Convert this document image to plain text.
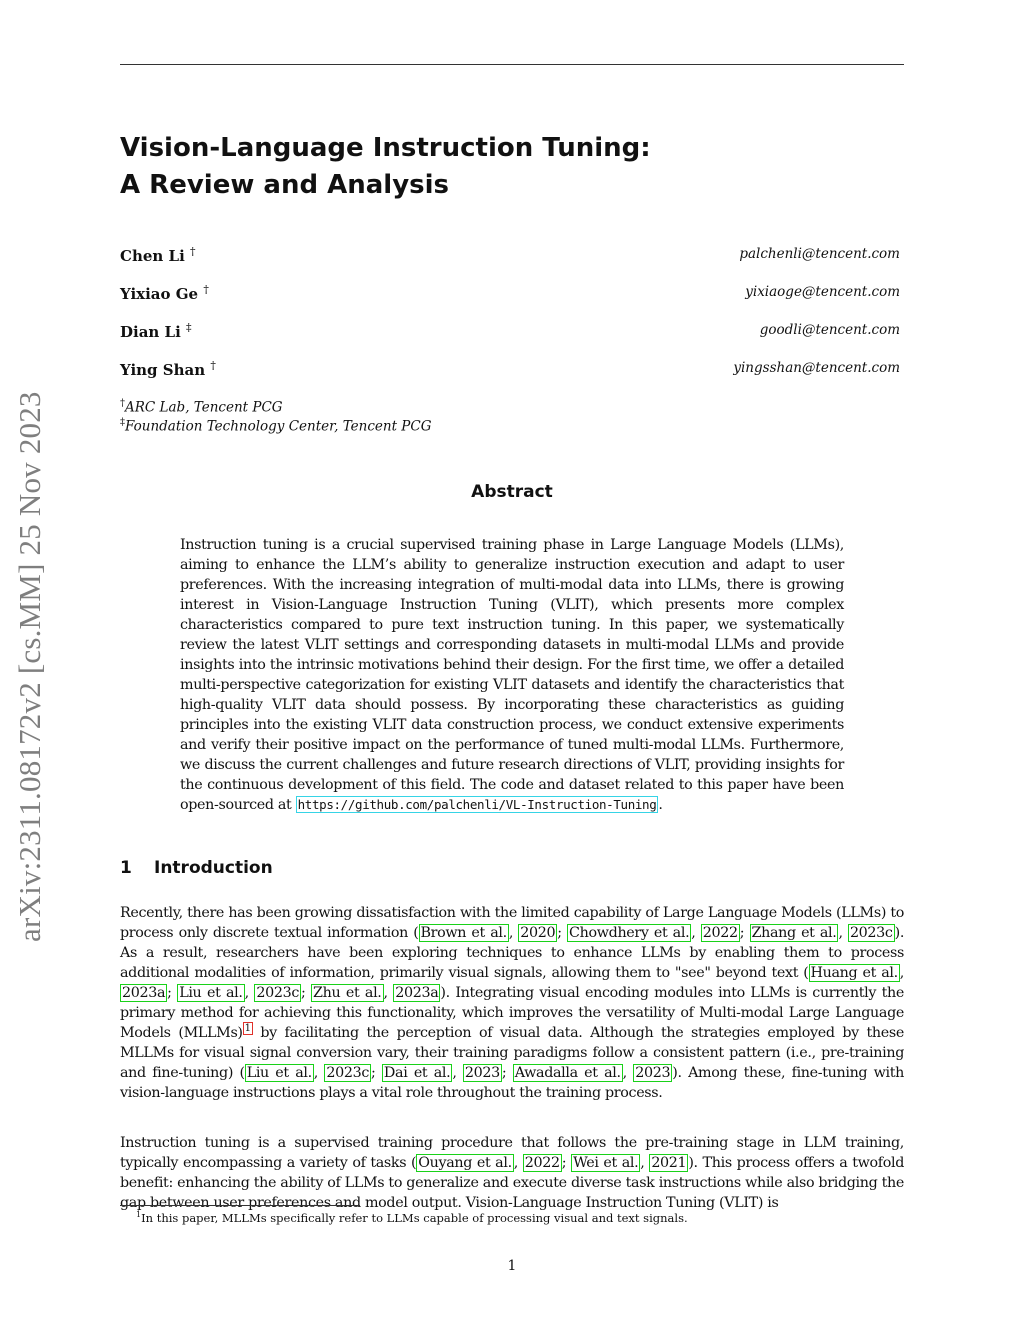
arXiv:2311.08172v2 [cs.MM] 25 Nov 2023
Vision-Language Instruction Tuning:
A Review and Analysis
Chen Li †	palchenli@tencent.com
Yixiao Ge †	yixiaoge@tencent.com
Dian Li ‡	goodli@tencent.com
Ying Shan †	yingsshan@tencent.com
†ARC Lab, Tencent PCG
‡Foundation Technology Center, Tencent PCG
Abstract
Instruction tuning is a crucial supervised training phase in Large Language Models (LLMs), aiming to enhance the LLM’s ability to generalize instruction execution and adapt to user preferences. With the increasing integration of multi-modal data into LLMs, there is growing interest in Vision-Language Instruction Tuning (VLIT), which presents more complex characteristics compared to pure text instruction tuning. In this paper, we systematically review the latest VLIT settings and corresponding datasets in multi-modal LLMs and provide insights into the intrinsic motivations behind their design. For the first time, we offer a detailed multi-perspective categorization for existing VLIT datasets and identify the characteristics that high-quality VLIT data should possess. By incorporating these characteristics as guiding principles into the existing VLIT data construction process, we conduct extensive experiments and verify their positive impact on the performance of tuned multi-modal LLMs. Furthermore, we discuss the current challenges and future research directions of VLIT, providing insights for the continuous development of this field. The code and dataset related to this paper have been open-sourced at https://github.com/palchenli/VL-Instruction-Tuning .
1 Introduction

Recently, there has been growing dissatisfaction with the limited capability of Large Language Models (LLMs) to process only discrete textual information ( Brown et al. , 2020 ; Chowdhery et al. , 2022 ; Zhang et al. , 2023c ). As a result, researchers have been exploring techniques to enhance LLMs by enabling them to process additional modalities of information, primarily visual signals, allowing them to "see" beyond text ( Huang et al. , 2023a ; Liu et al. , 2023c ; Zhu et al. , 2023a ). Integrating visual encoding modules into LLMs is currently the primary method for achieving this functionality, which improves the versatility of Multi-modal Large Language Models (MLLMs) $^1$ by facilitating the perception of visual data. Although the strategies employed by these MLLMs for visual signal conversion vary, their training paradigms follow a consistent pattern (i.e., pre-training and fine-tuning) ( Liu et al. , 2023c ; Dai et al. , 2023 ; Awadalla et al. , 2023 ). Among these, fine-tuning with vision-language instructions plays a vital role throughout the training process.

Instruction tuning is a supervised training procedure that follows the pre-training stage in LLM training, typically encompassing a variety of tasks ( Ouyang et al. , 2022 ; Wei et al. , 2021 ). This process offers a twofold benefit: enhancing the ability of LLMs to generalize and execute diverse task instructions while also bridging the gap between user preferences and model output. Vision-Language Instruction Tuning (VLIT) is

$^1$In this paper, MLLMs specifically refer to LLMs capable of processing visual and text signals.
1
